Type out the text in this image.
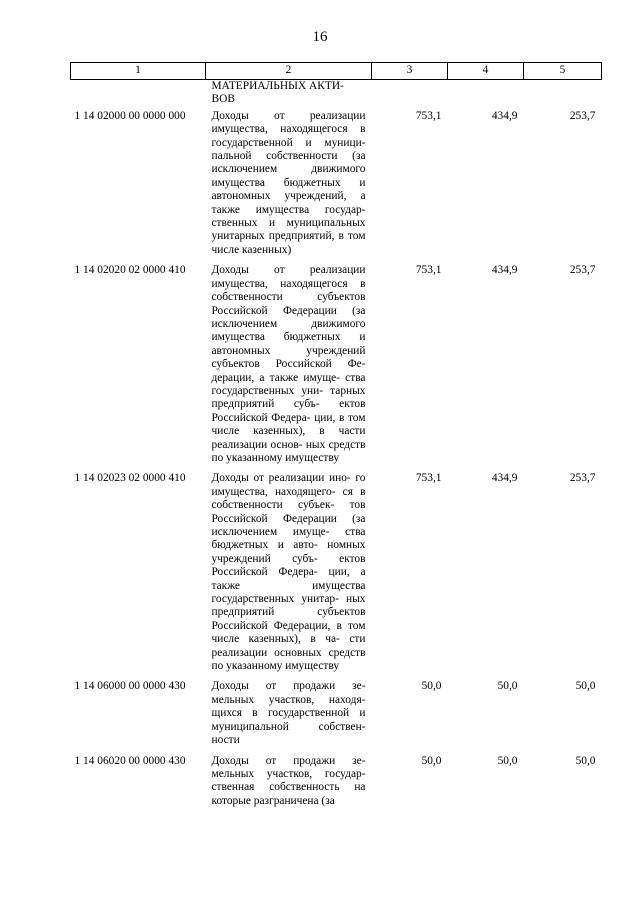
16
1	2	3	4	5
	МАТЕРИАЛЬНЫХ АКТИ-
ВОВ			
1 14 02000 00 0000 000	Доходы от реализации имущества, находящегося в государственной и муници- пальной собственности (за исключением движимого имущества бюджетных и автономных учреждений, а также имущества государ- ственных и муниципальных унитарных предприятий, в том числе казенных)	753,1	434,9	253,7
1 14 02020 02 0000 410	Доходы от реализации имущества, находящегося в собственности субъектов Российской Федерации (за исключением движимого имущества бюджетных и автономных учреждений субъектов Российской Фе- дерации, а также имуще- ства государственных уни- тарных предприятий субъ- ектов Российской Федера- ции, в том числе казенных), в части реализации основ- ных средств по указанному имуществу	753,1	434,9	253,7
1 14 02023 02 0000 410	Доходы от реализации ино- го имущества, находящего- ся в собственности субъек- тов Российской Федерации (за исключением имуще- ства бюджетных и авто- номных учреждений субъ- ектов Российской Федера- ции, а также имущества государственных унитар- ных предприятий субъектов Российской Федерации, в том числе казенных), в ча- сти реализации основных средств по указанному имуществу	753,1	434,9	253,7
1 14 06000 00 0000 430	Доходы от продажи зе- мельных участков, находя- щихся в государственной и муниципальной собствен- ности	50,0	50,0	50,0
1 14 06020 00 0000 430	Доходы от продажи зе- мельных участков, государ- ственная собственность на которые разграничена (за	50,0	50,0	50,0
